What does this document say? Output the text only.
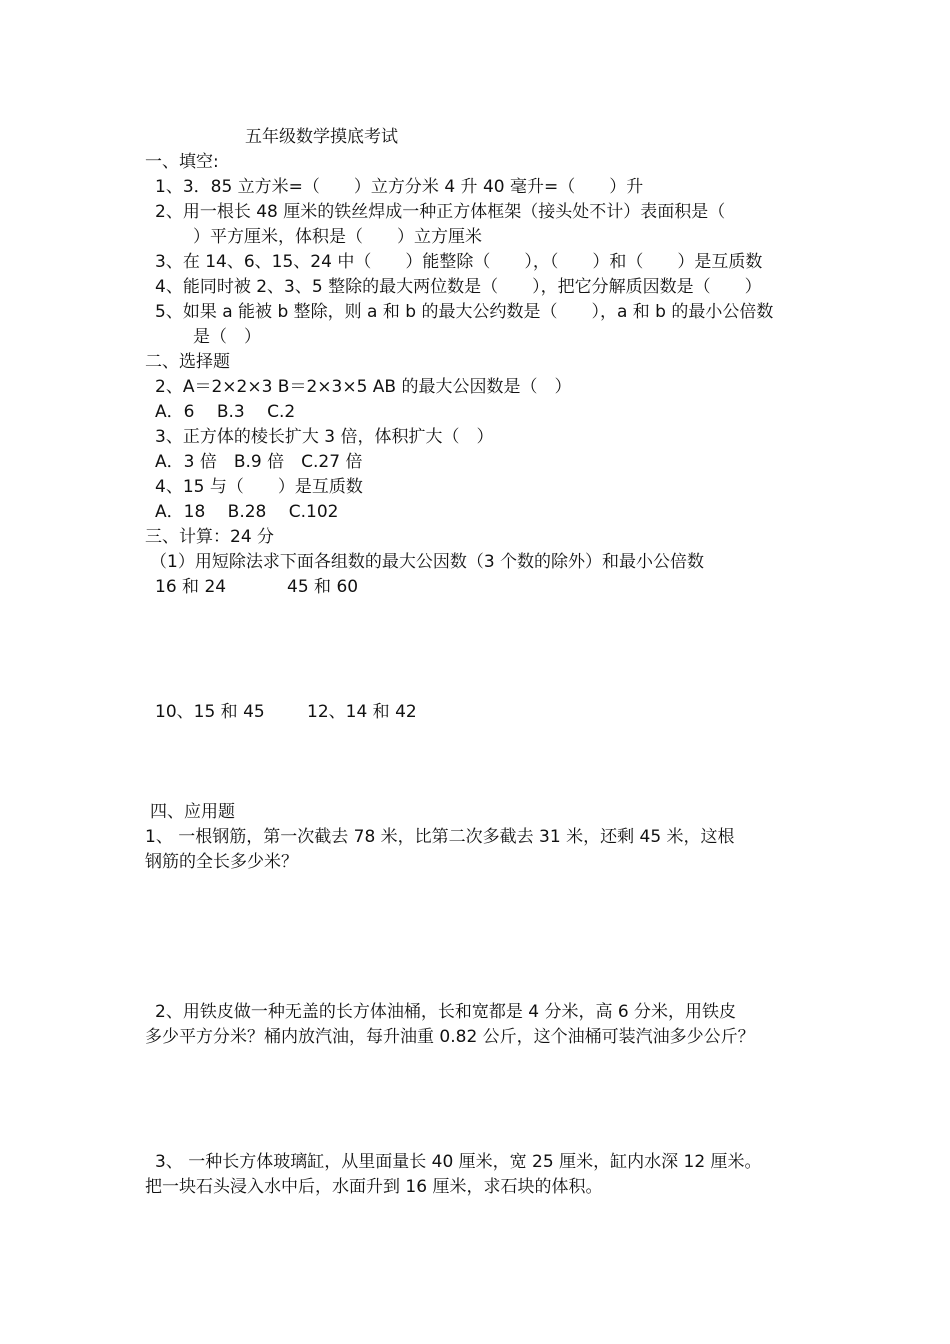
五年级数学摸底考试
一、填空:
1、3．85 立方米=（　　）立方分米 4 升 40 毫升=（　　）升
2、用一根长 48 厘米的铁丝焊成一种正方体框架（接头处不计）表面积是（
）平方厘米，体积是（　　）立方厘米
3、在 14、6、15、24 中（　　）能整除（　　），（　　）和（　　）是互质数
4、能同时被 2、3、5 整除的最大两位数是（　　），把它分解质因数是（　　）
5、如果 a 能被 b 整除，则 a 和 b 的最大公约数是（　　），a 和 b 的最小公倍数
是（　）
二、选择题
2、A＝2×2×3 B＝2×3×5 AB 的最大公因数是（　）
A．6　 B.3　 C.2
3、正方体的棱长扩大 3 倍，体积扩大（　）
A．3 倍　B.9 倍　C.27 倍
4、15 与（　　）是互质数
A．18　 B.28　 C.102
三、计算：24 分
（1）用短除法求下面各组数的最大公因数（3 个数的除外）和最小公倍数
16 和 24	45 和 60
10、15 和 45 12、14 和 42
四、应用题
1、 一根钢筋，第一次截去 78 米，比第二次多截去 31 米，还剩 45 米，这根
钢筋的全长多少米？
2、用铁皮做一种无盖的长方体油桶，长和宽都是 4 分米，高 6 分米，用铁皮
多少平方分米？桶内放汽油，每升油重 0.82 公斤，这个油桶可装汽油多少公斤？
3、 一种长方体玻璃缸，从里面量长 40 厘米，宽 25 厘米，缸内水深 12 厘米。
把一块石头浸入水中后，水面升到 16 厘米，求石块的体积。
